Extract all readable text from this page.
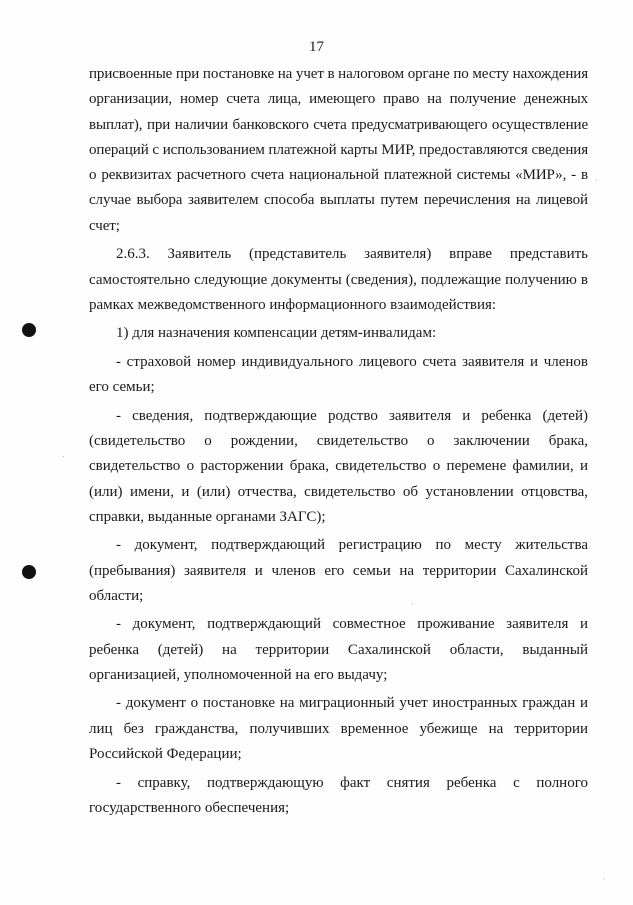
17

присвоенные при постановке на учет в налоговом органе по месту нахождения организации, номер счета лица, имеющего право на получение денежных выплат), при наличии банковского счета предусматривающего осуществление операций с использованием платежной карты МИР, предоставляются сведения о реквизитах расчетного счета национальной платежной системы «МИР», - в случае выбора заявителем способа выплаты путем перечисления на лицевой счет;

2.6.3. Заявитель (представитель заявителя) вправе представить самостоятельно следующие документы (сведения), подлежащие получению в рамках межведомственного информационного взаимодействия:

1) для назначения компенсации детям-инвалидам:

- страховой номер индивидуального лицевого счета заявителя и членов его семьи;

- сведения, подтверждающие родство заявителя и ребенка (детей) (свидетельство о рождении, свидетельство о заключении брака, свидетельство о расторжении брака, свидетельство о перемене фамилии, и (или) имени, и (или) отчества, свидетельство об установлении отцовства, справки, выданные органами ЗАГС);

- документ, подтверждающий регистрацию по месту жительства (пребывания) заявителя и членов его семьи на территории Сахалинской области;

- документ, подтверждающий совместное проживание заявителя и ребенка (детей) на территории Сахалинской области, выданный организацией, уполномоченной на его выдачу;

- документ о постановке на миграционный учет иностранных граждан и лиц без гражданства, получивших временное убежище на территории Российской Федерации;

- справку, подтверждающую факт снятия ребенка с полного государственного обеспечения;
